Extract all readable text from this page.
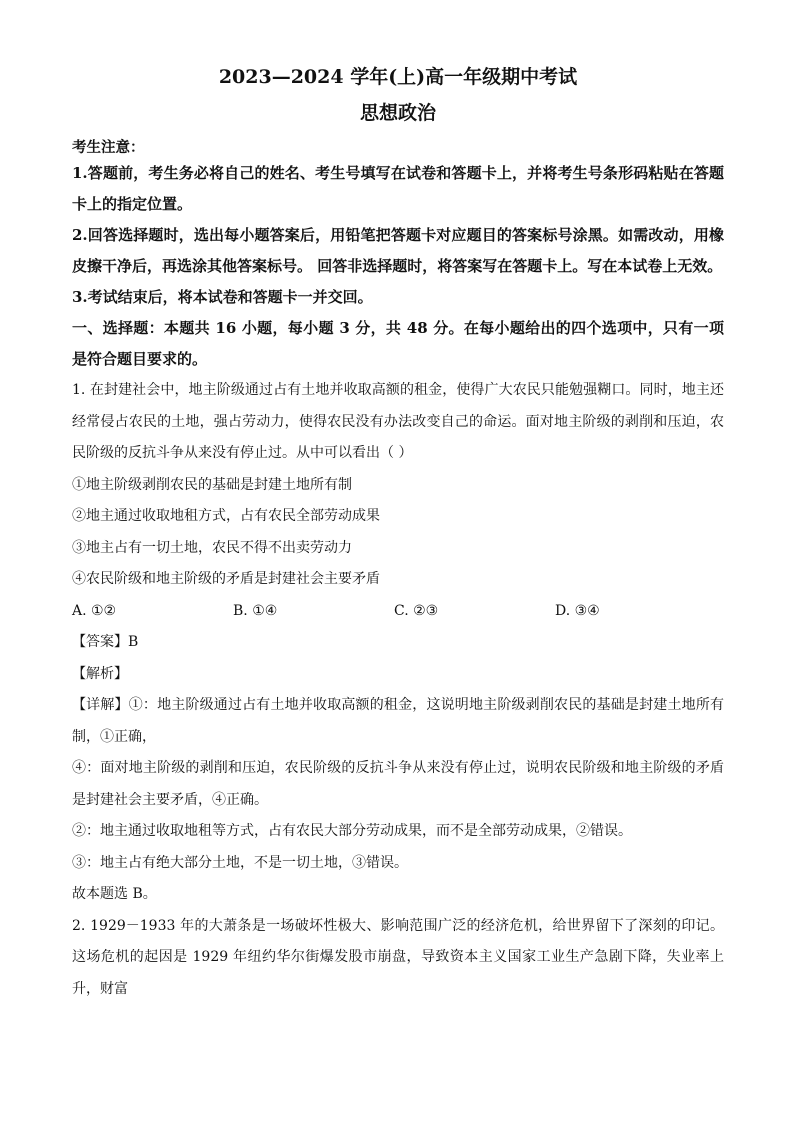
2023—2024 学年(上)高一年级期中考试

思想政治

考生注意：

1.答题前，考生务必将自己的姓名、考生号填写在试卷和答题卡上，并将考生号条形码粘贴在答题卡上的指定位置。

2.回答选择题时，选出每小题答案后，用铅笔把答题卡对应题目的答案标号涂黑。如需改动，用橡皮擦干净后，再选涂其他答案标号。 回答非选择题时，将答案写在答题卡上。写在本试卷上无效。

3.考试结束后，将本试卷和答题卡一并交回。

一、选择题：本题共 16 小题，每小题 3 分，共 48 分。在每小题给出的四个选项中，只有一项是符合题目要求的。

1. 在封建社会中，地主阶级通过占有土地并收取高额的租金，使得广大农民只能勉强糊口。同时，地主还经常侵占农民的土地，强占劳动力，使得农民没有办法改变自己的命运。面对地主阶级的剥削和压迫，农民阶级的反抗斗争从来没有停止过。从中可以看出（ ）

①地主阶级剥削农民的基础是封建土地所有制

②地主通过收取地租方式，占有农民全部劳动成果

③地主占有一切土地，农民不得不出卖劳动力

④农民阶级和地主阶级的矛盾是封建社会主要矛盾

A. ①②	B. ①④	C. ②③	D. ③④
【答案】B
【解析】

【详解】①：地主阶级通过占有土地并收取高额的租金，这说明地主阶级剥削农民的基础是封建土地所有制，①正确，

④：面对地主阶级的剥削和压迫，农民阶级的反抗斗争从来没有停止过，说明农民阶级和地主阶级的矛盾是封建社会主要矛盾，④正确。

②：地主通过收取地租等方式，占有农民大部分劳动成果，而不是全部劳动成果，②错误。

③：地主占有绝大部分土地，不是一切土地，③错误。

故本题选 B。

2. 1929－1933 年的大萧条是一场破坏性极大、影响范围广泛的经济危机，给世界留下了深刻的印记。这场危机的起因是 1929 年纽约华尔街爆发股市崩盘，导致资本主义国家工业生产急剧下降，失业率上升，财富
